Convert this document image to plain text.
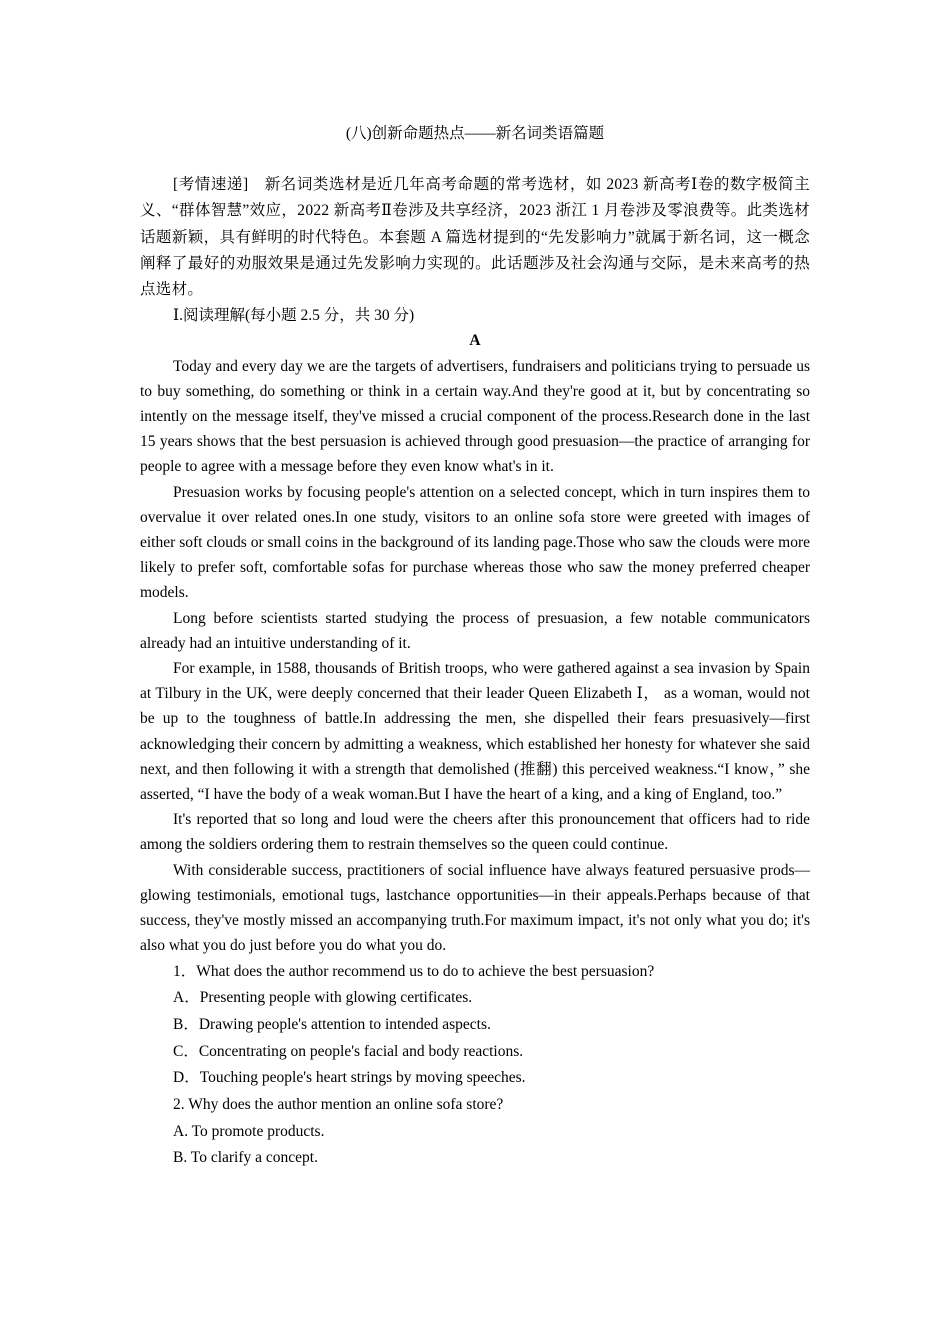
(八)创新命题热点——新名词类语篇题

[考情速递]　 新名词类选材是近几年高考命题的常考选材，如 2023 新高考Ⅰ卷的数字极简主义、“群体智慧”效应，2022 新高考Ⅱ卷涉及共享经济，2023 浙江 1 月卷涉及零浪费等。此类选材话题新颖，具有鲜明的时代特色。本套题 A 篇选材提到的“先发影响力”就属于新名词，这一概念阐释了最好的劝服效果是通过先发影响力实现的。此话题涉及社会沟通与交际，是未来高考的热点选材。

Ⅰ.阅读理解(每小题 2.5 分，共 30 分)

A

Today and every day we are the targets of advertisers, fundraisers and politicians trying to persuade us to buy something, do something or think in a certain way.And they're good at it, but by concentrating so intently on the message itself, they've missed a crucial component of the process.Research done in the last 15 years shows that the best persuasion is achieved through good presuasion—the practice of arranging for people to agree with a message before they even know what's in it.

Presuasion works by focusing people's attention on a selected concept, which in turn inspires them to overvalue it over related ones.In one study, visitors to an online sofa store were greeted with images of either soft clouds or small coins in the background of its landing page.Those who saw the clouds were more likely to prefer soft, comfortable sofas for purchase whereas those who saw the money preferred cheaper models.

Long before scientists started studying the process of presuasion, a few notable communicators already had an intuitive understanding of it.

For example, in 1588, thousands of British troops, who were gathered against a sea invasion by Spain at Tilbury in the UK, were deeply concerned that their leader Queen Elizabeth Ⅰ， as a woman, would not be up to the toughness of battle.In addressing the men, she dispelled their fears presuasively—first acknowledging their concern by admitting a weakness, which established her honesty for whatever she said next, and then following it with a strength that demolished (推翻) this perceived weakness.“I know，” she asserted, “I have the body of a weak woman.But I have the heart of a king, and a king of England, too.”

It's reported that so long and loud were the cheers after this pronouncement that officers had to ride among the soldiers ordering them to restrain themselves so the queen could continue.

With considerable success, practitioners of social influence have always featured persuasive prods—glowing testimonials, emotional tugs, lastchance opportunities—in their appeals.Perhaps because of that success, they've mostly missed an accompanying truth.For maximum impact, it's not only what you do; it's also what you do just before you do what you do.

1．What does the author recommend us to do to achieve the best persuasion?

A．Presenting people with glowing certificates.

B．Drawing people's attention to intended aspects.

C．Concentrating on people's facial and body reactions.

D．Touching people's heart strings by moving speeches.

2. Why does the author mention an online sofa store?

A. To promote products.

B. To clarify a concept.
